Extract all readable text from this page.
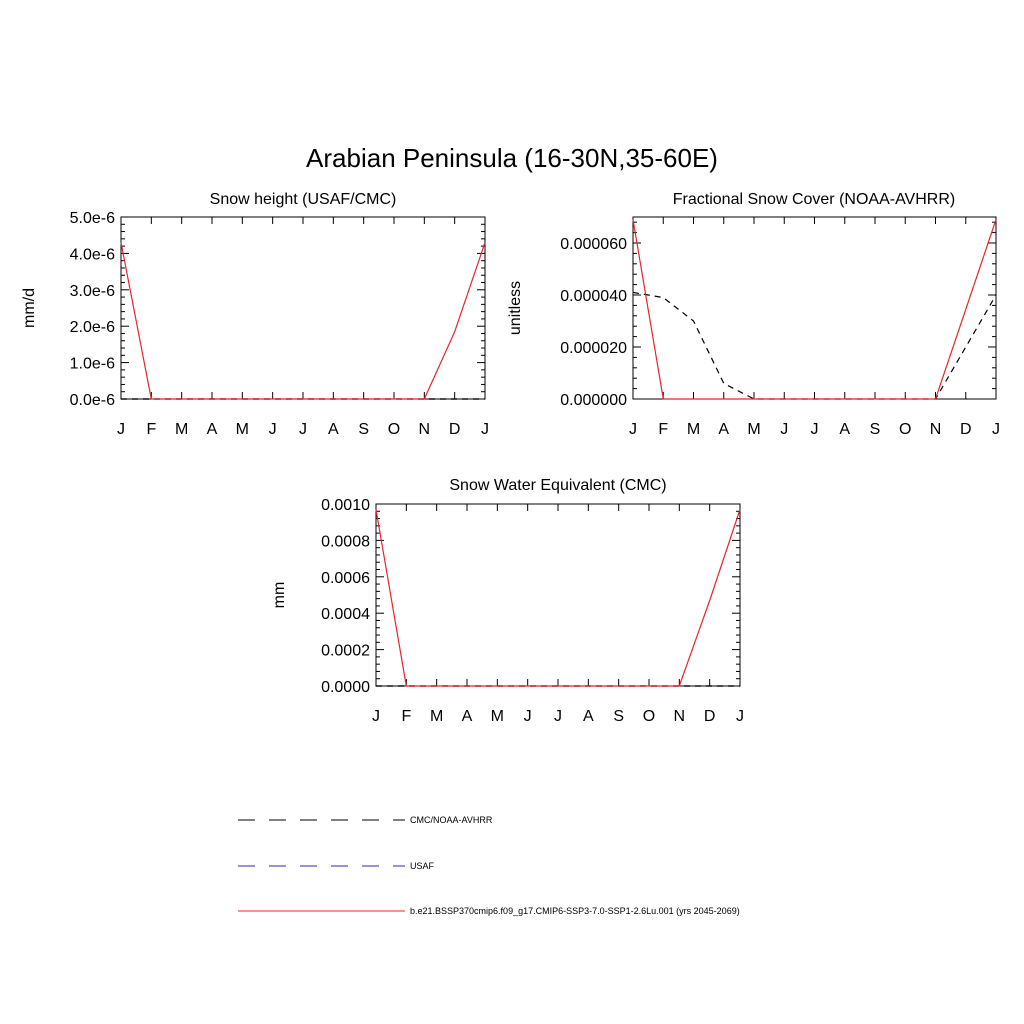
Arabian Peninsula (16-30N,35-60E)
Snow height (USAF/CMC)
mm/d
J F M A M J J A S O N D J
0.0e-6
1.0e-6
2.0e-6
3.0e-6
4.0e-6
5.0e-6
Fractional Snow Cover (NOAA-AVHRR)
unitless
J F M A M J J A S O N D J
0.000000
0.000020
0.000040
0.000060
Snow Water Equivalent (CMC)
mm
J F M A M J J A S O N D J
0.0000
0.0002
0.0004
0.0006
0.0008
0.0010
CMC/NOAA-AVHRR
USAF
b.e21.BSSP370cmip6.f09_g17.CMIP6-SSP3-7.0-SSP1-2.6Lu.001 (yrs 2045-2069)
